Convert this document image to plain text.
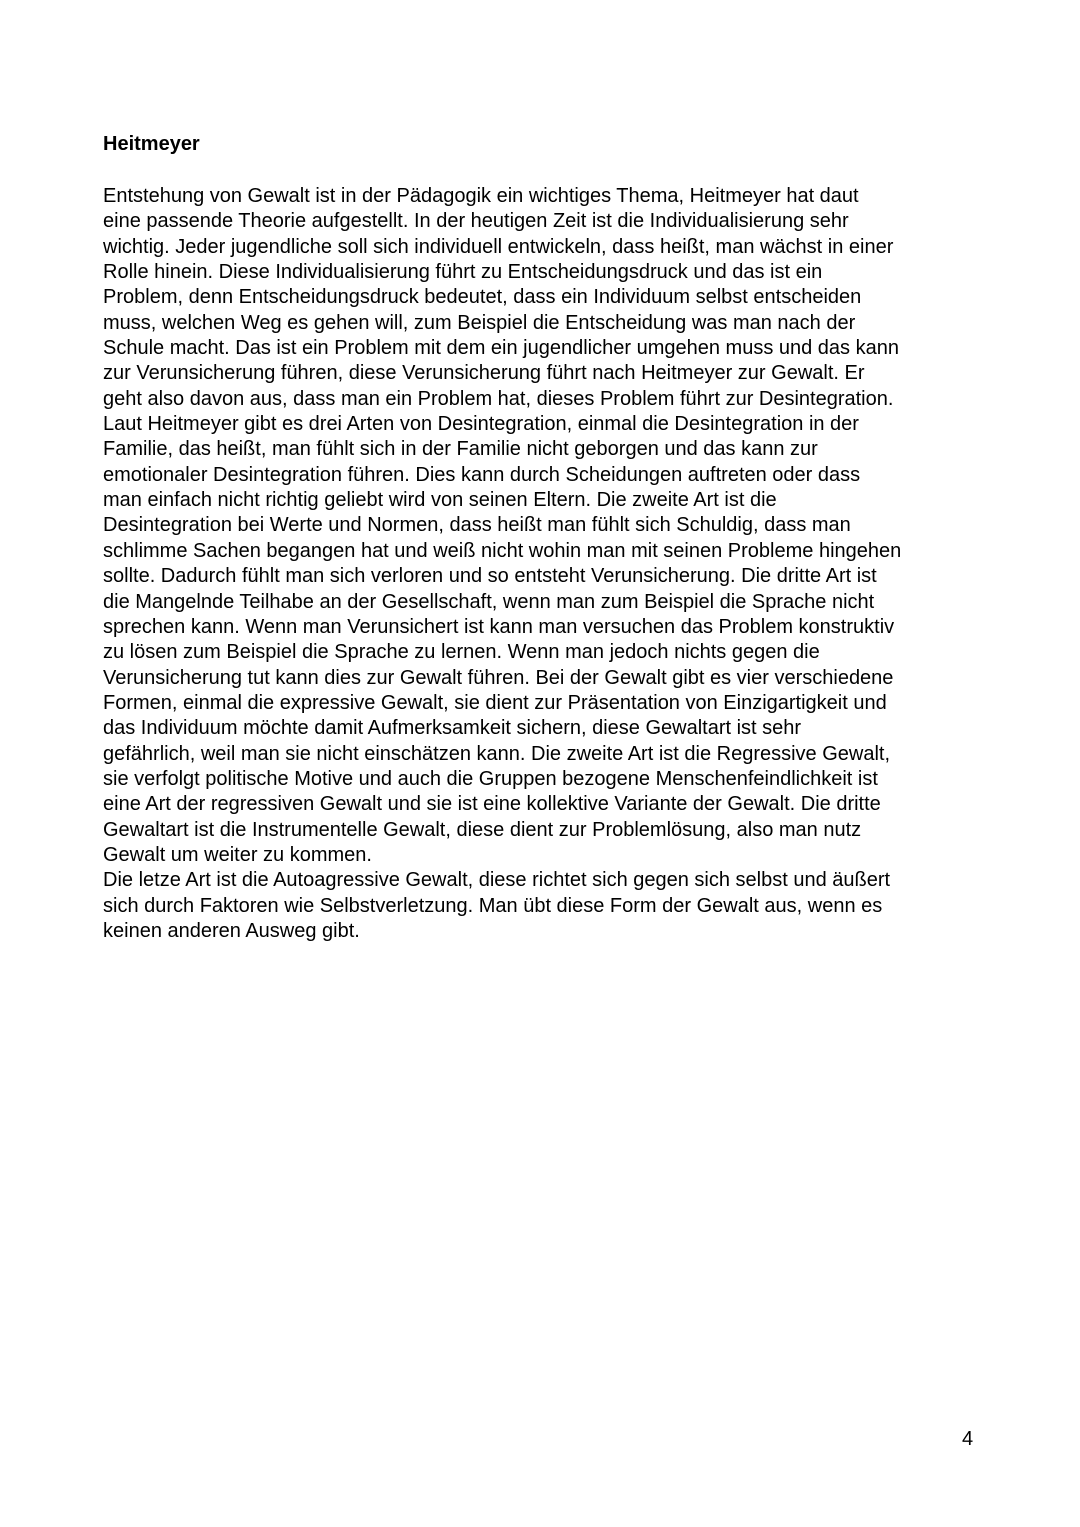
Heitmeyer
Entstehung von Gewalt ist in der Pädagogik ein wichtiges Thema, Heitmeyer hat daut
eine passende Theorie aufgestellt. In der heutigen Zeit ist die Individualisierung sehr
wichtig. Jeder jugendliche soll sich individuell entwickeln, dass heißt, man wächst in einer
Rolle hinein. Diese Individualisierung führt zu Entscheidungsdruck und das ist ein
Problem, denn Entscheidungsdruck bedeutet, dass ein Individuum selbst entscheiden
muss, welchen Weg es gehen will, zum Beispiel die Entscheidung was man nach der
Schule macht. Das ist ein Problem mit dem ein jugendlicher umgehen muss und das kann
zur Verunsicherung führen, diese Verunsicherung führt nach Heitmeyer zur Gewalt. Er
geht also davon aus, dass man ein Problem hat, dieses Problem führt zur Desintegration.
Laut Heitmeyer gibt es drei Arten von Desintegration, einmal die Desintegration in der
Familie, das heißt, man fühlt sich in der Familie nicht geborgen und das kann zur
emotionaler Desintegration führen. Dies kann durch Scheidungen auftreten oder dass
man einfach nicht richtig geliebt wird von seinen Eltern. Die zweite Art ist die
Desintegration bei Werte und Normen, dass heißt man fühlt sich Schuldig, dass man
schlimme Sachen begangen hat und weiß nicht wohin man mit seinen Probleme hingehen
sollte. Dadurch fühlt man sich verloren und so entsteht Verunsicherung. Die dritte Art ist
die Mangelnde Teilhabe an der Gesellschaft, wenn man zum Beispiel die Sprache nicht
sprechen kann. Wenn man Verunsichert ist kann man versuchen das Problem konstruktiv
zu lösen zum Beispiel die Sprache zu lernen. Wenn man jedoch nichts gegen die
Verunsicherung tut kann dies zur Gewalt führen. Bei der Gewalt gibt es vier verschiedene
Formen, einmal die expressive Gewalt, sie dient zur Präsentation von Einzigartigkeit und
das Individuum möchte damit Aufmerksamkeit sichern, diese Gewaltart ist sehr
gefährlich, weil man sie nicht einschätzen kann. Die zweite Art ist die Regressive Gewalt,
sie verfolgt politische Motive und auch die Gruppen bezogene Menschenfeindlichkeit ist
eine Art der regressiven Gewalt und sie ist eine kollektive Variante der Gewalt. Die dritte
Gewaltart ist die Instrumentelle Gewalt, diese dient zur Problemlösung, also man nutz
Gewalt um weiter zu kommen.
Die letze Art ist die Autoagressive Gewalt, diese richtet sich gegen sich selbst und äußert
sich durch Faktoren wie Selbstverletzung. Man übt diese Form der Gewalt aus, wenn es
keinen anderen Ausweg gibt.
4
